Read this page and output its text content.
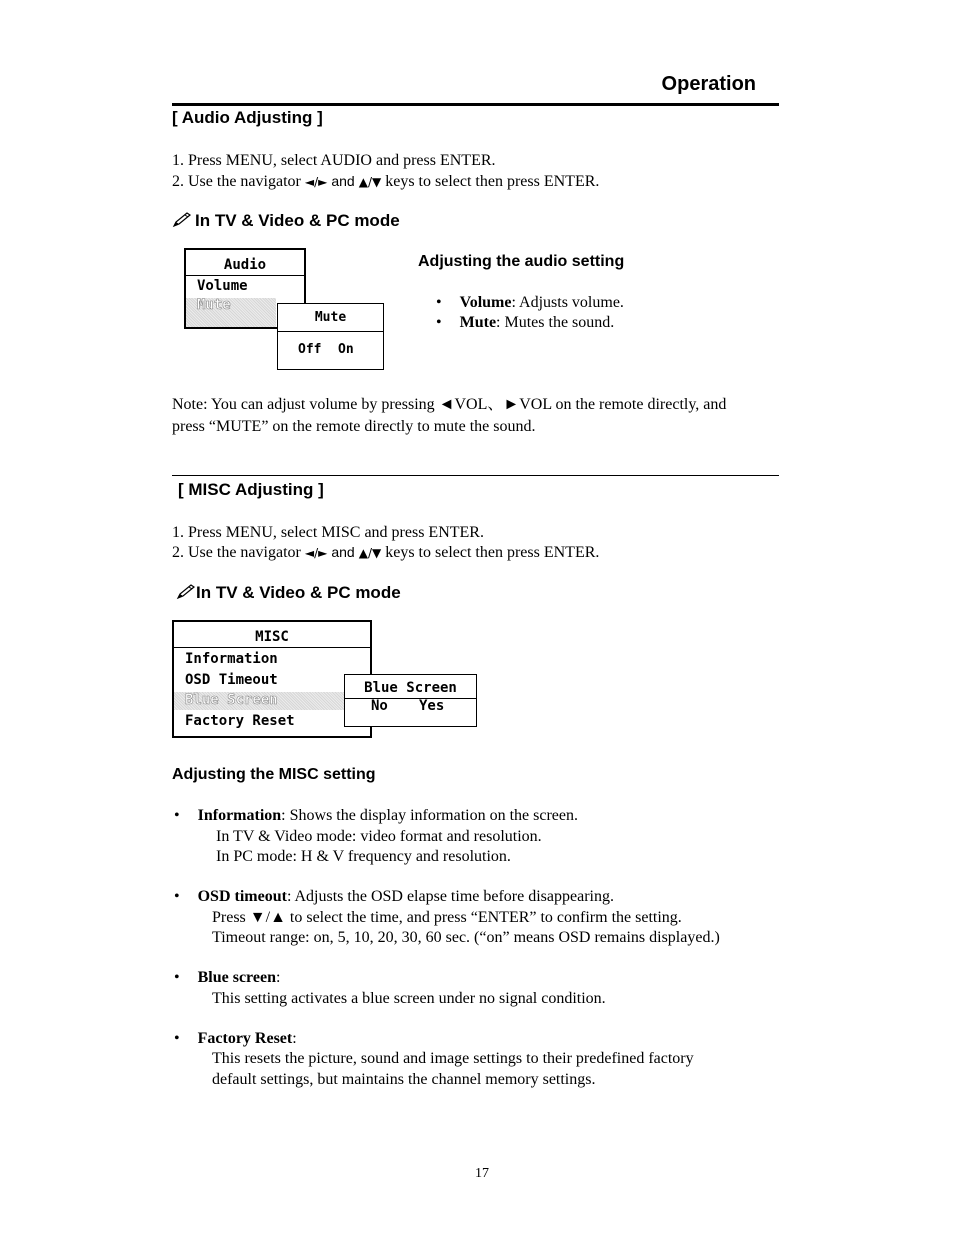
Operation
[ Audio Adjusting ]
1. Press MENU, select AUDIO and press ENTER.
2. Use the navigator ◄/► and ▲/▼ keys to select then press ENTER.
In TV & Video & PC mode
Audio
Volume
Mute
Mute
Off On
Adjusting the audio setting
• Volume: Adjusts volume.
• Mute: Mutes the sound.
Note: You can adjust volume by pressing ◄VOL、►VOL on the remote directly, and
press “MUTE” on the remote directly to mute the sound.
[ MISC Adjusting ]
1. Press MENU, select MISC and press ENTER.
2. Use the navigator ◄/► and ▲/▼ keys to select then press ENTER.
In TV & Video & PC mode
MISC
Information
OSD Timeout
Blue Screen
Factory Reset
Blue Screen
No Yes
Adjusting the MISC setting
• Information: Shows the display information on the screen.
In TV & Video mode: video format and resolution.
In PC mode: H & V frequency and resolution.
• OSD timeout: Adjusts the OSD elapse time before disappearing.
Press ▼/▲ to select the time, and press “ENTER” to confirm the setting.
Timeout range: on, 5, 10, 20, 30, 60 sec. (“on” means OSD remains displayed.)
• Blue screen:
This setting activates a blue screen under no signal condition.
• Factory Reset:
This resets the picture, sound and image settings to their predefined factory
default settings, but maintains the channel memory settings.
17
